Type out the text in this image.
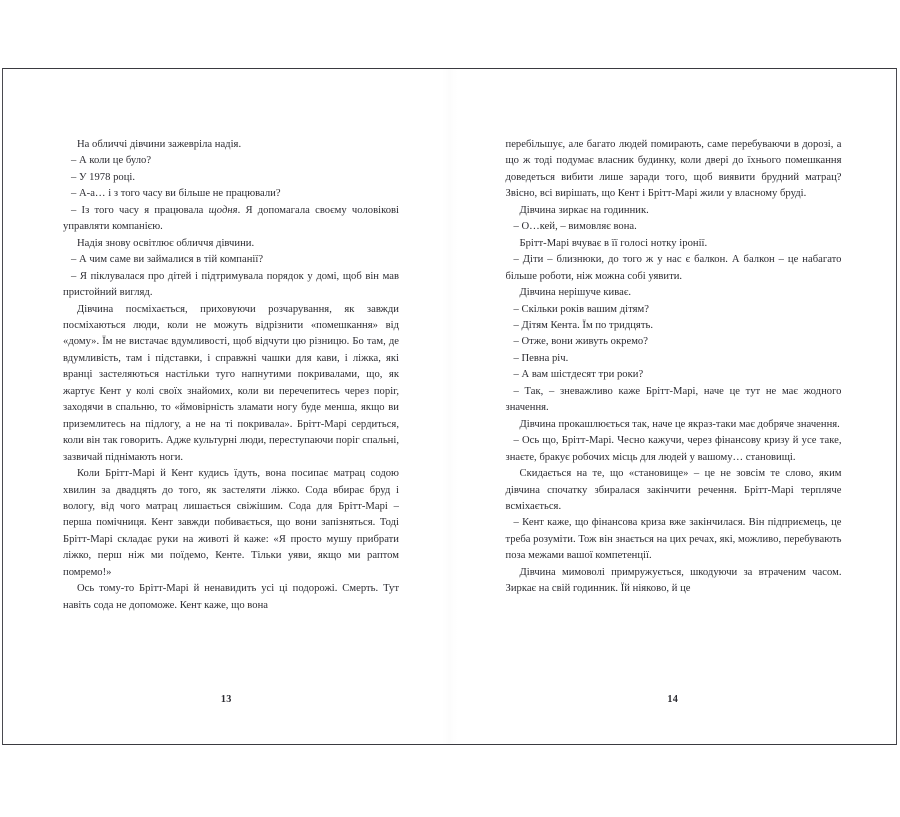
На обличчі дівчини зажевріла надія.

– А коли це було?

– У 1978 році.

– А-а… і з того часу ви більше не працювали?

– Із того часу я працювала щодня. Я допомагала своєму чоловікові управляти компанією.

Надія знову освітлює обличчя дівчини.

– А чим саме ви займалися в тій компанії?

– Я піклувалася про дітей і підтримувала порядок у домі, щоб він мав пристойний вигляд.

Дівчина посміхається, приховуючи розчарування, як завжди посміхаються люди, коли не можуть відрізнити «помешкання» від «дому». Їм не вистачає вдумливості, щоб відчути цю різницю. Бо там, де вдумливість, там і підставки, і справжні чашки для кави, і ліжка, які вранці застеляються настільки туго напнутими покривалами, що, як жартує Кент у колі своїх знайомих, коли ви перечепитесь через поріг, заходячи в спальню, то «ймовірність зламати ногу буде менша, якщо ви приземлитесь на підлогу, а не на ті покривала». Брітт-Марі сердиться, коли він так говорить. Адже культурні люди, переступаючи поріг спальні, зазвичай піднімають ноги.

Коли Брітт-Марі й Кент кудись їдуть, вона посипає матрац содою хвилин за двадцять до того, як застеляти ліжко. Сода вбирає бруд і вологу, від чого матрац лишається свіжішим. Сода для Брітт-Марі – перша помічниця. Кент завжди побивається, що вони запізняться. Тоді Брітт-Марі складає руки на животі й каже: «Я просто мушу прибрати ліжко, перш ніж ми поїдемо, Кенте. Тільки уяви, якщо ми раптом помремо!»

Ось тому-то Брітт-Марі й ненавидить усі ці подорожі. Смерть. Тут навіть сода не допоможе. Кент каже, що вона

13

перебільшує, але багато людей помирають, саме перебуваючи в дорозі, а що ж тоді подумає власник будинку, коли двері до їхнього помешкання доведеться вибити лише заради того, щоб виявити брудний матрац? Звісно, всі вирішать, що Кент і Брітт-Марі жили у власному бруді.

Дівчина зиркає на годинник.

– О…кей, – вимовляє вона.

Брітт-Марі вчуває в її голосі нотку іронії.

– Діти – близнюки, до того ж у нас є балкон. А балкон – це набагато більше роботи, ніж можна собі уявити.

Дівчина нерішуче киває.

– Скільки років вашим дітям?

– Дітям Кента. Їм по тридцять.

– Отже, вони живуть окремо?

– Певна річ.

– А вам шістдесят три роки?

– Так, – зневажливо каже Брітт-Марі, наче це тут не має жодного значення.

Дівчина прокашлюється так, наче це якраз-таки має добряче значення.

– Ось що, Брітт-Марі. Чесно кажучи, через фінансову кризу й усе таке, знаєте, бракує робочих місць для людей у вашому… становищі.

Скидається на те, що «становище» – це не зовсім те слово, яким дівчина спочатку збиралася закінчити речення. Брітт-Марі терпляче всміхається.

– Кент каже, що фінансова криза вже закінчилася. Він підприємець, це треба розуміти. Тож він знається на цих речах, які, можливо, перебувають поза межами вашої компетенції.

Дівчина мимоволі примружується, шкодуючи за втраченим часом. Зиркає на свій годинник. Їй ніяково, й це

14
